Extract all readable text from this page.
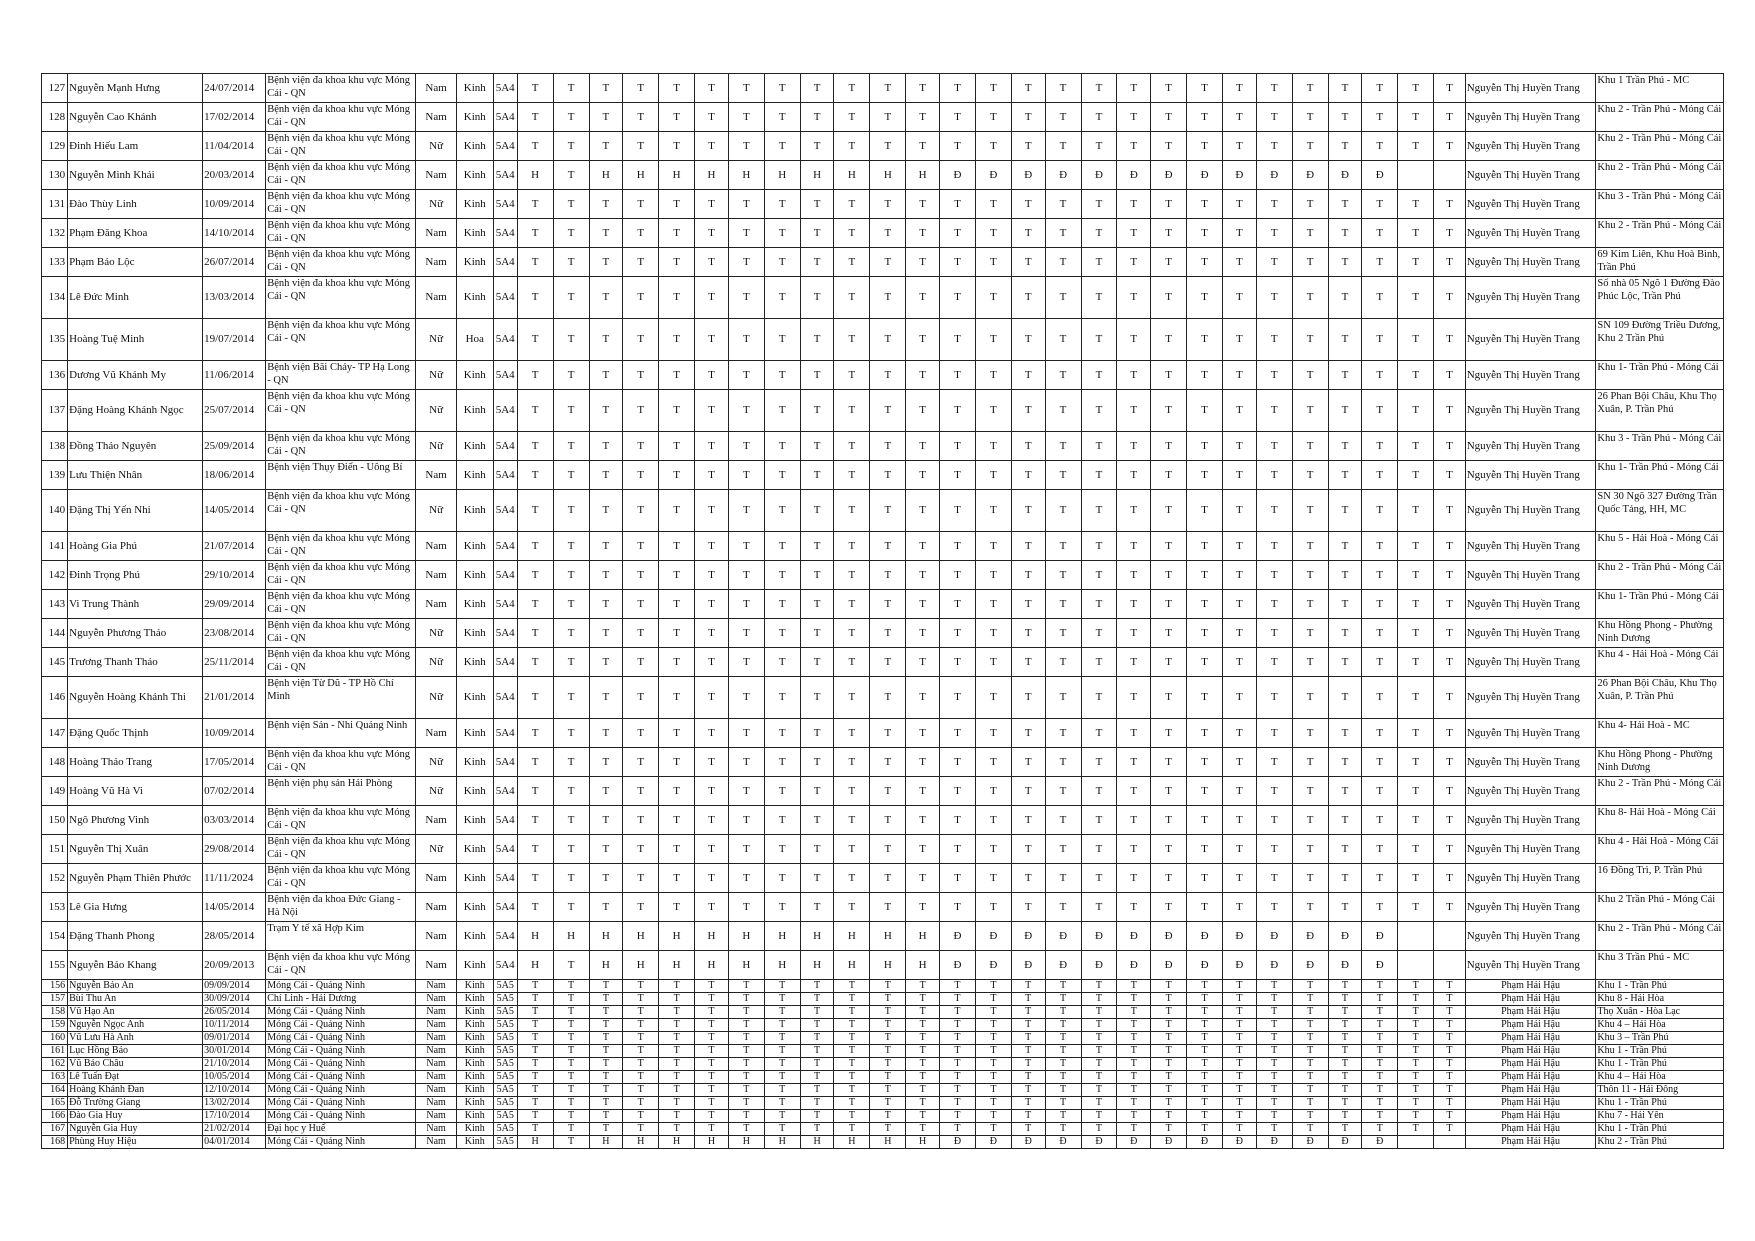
127	Nguyễn Mạnh Hưng	24/07/2014	Bệnh viện đa khoa khu vực Móng Cái - QN	Nam	Kinh	5A4	T	T	T	T	T	T	T	T	T	T	T	T	T	T	T	T	T	T	T	T	T	T	T	T	T	T	T	Nguyễn Thị Huyền Trang	Khu 1 Trần Phú - MC
128	Nguyễn Cao Khánh	17/02/2014	Bệnh viện đa khoa khu vực Móng Cái - QN	Nam	Kinh	5A4	T	T	T	T	T	T	T	T	T	T	T	T	T	T	T	T	T	T	T	T	T	T	T	T	T	T	T	Nguyễn Thị Huyền Trang	Khu 2 - Trần Phú - Móng Cái
129	Đinh Hiếu Lam	11/04/2014	Bệnh viện đa khoa khu vực Móng Cái - QN	Nữ	Kinh	5A4	T	T	T	T	T	T	T	T	T	T	T	T	T	T	T	T	T	T	T	T	T	T	T	T	T	T	T	Nguyễn Thị Huyền Trang	Khu 2 - Trần Phú - Móng Cái
130	Nguyễn Minh Khải	20/03/2014	Bệnh viện đa khoa khu vực Móng Cái - QN	Nam	Kinh	5A4	H	T	H	H	H	H	H	H	H	H	H	H	Đ	Đ	Đ	Đ	Đ	Đ	Đ	Đ	Đ	Đ	Đ	Đ	Đ			Nguyễn Thị Huyền Trang	Khu 2 - Trần Phú - Móng Cái
131	Đào Thùy Linh	10/09/2014	Bệnh viện đa khoa khu vực Móng Cái - QN	Nữ	Kinh	5A4	T	T	T	T	T	T	T	T	T	T	T	T	T	T	T	T	T	T	T	T	T	T	T	T	T	T	T	Nguyễn Thị Huyền Trang	Khu 3 - Trần Phú - Móng Cái
132	Phạm Đăng Khoa	14/10/2014	Bệnh viện đa khoa khu vực Móng Cái - QN	Nam	Kinh	5A4	T	T	T	T	T	T	T	T	T	T	T	T	T	T	T	T	T	T	T	T	T	T	T	T	T	T	T	Nguyễn Thị Huyền Trang	Khu 2 - Trần Phú - Móng Cái
133	Phạm Bảo Lộc	26/07/2014	Bệnh viện đa khoa khu vực Móng Cái - QN	Nam	Kinh	5A4	T	T	T	T	T	T	T	T	T	T	T	T	T	T	T	T	T	T	T	T	T	T	T	T	T	T	T	Nguyễn Thị Huyền Trang	69 Kim Liên, Khu Hoà Bình, Trần Phú
134	Lê Đức Minh	13/03/2014	Bệnh viện đa khoa khu vực Móng Cái - QN	Nam	Kinh	5A4	T	T	T	T	T	T	T	T	T	T	T	T	T	T	T	T	T	T	T	T	T	T	T	T	T	T	T	Nguyễn Thị Huyền Trang	Số nhà 05 Ngõ 1 Đường Đào Phúc Lộc, Trần Phú
135	Hoàng Tuệ Minh	19/07/2014	Bệnh viện đa khoa khu vực Móng Cái - QN	Nữ	Hoa	5A4	T	T	T	T	T	T	T	T	T	T	T	T	T	T	T	T	T	T	T	T	T	T	T	T	T	T	T	Nguyễn Thị Huyền Trang	SN 109 Đường Triều Dương, Khu 2 Trần Phú
136	Dương Vũ Khánh My	11/06/2014	Bệnh viện Bãi Cháy- TP Hạ Long - QN	Nữ	Kinh	5A4	T	T	T	T	T	T	T	T	T	T	T	T	T	T	T	T	T	T	T	T	T	T	T	T	T	T	T	Nguyễn Thị Huyền Trang	Khu 1- Trần Phú - Móng Cái
137	Đặng Hoàng Khánh Ngọc	25/07/2014	Bệnh viện đa khoa khu vực Móng Cái - QN	Nữ	Kinh	5A4	T	T	T	T	T	T	T	T	T	T	T	T	T	T	T	T	T	T	T	T	T	T	T	T	T	T	T	Nguyễn Thị Huyền Trang	26 Phan Bội Châu, Khu Thọ Xuân, P. Trần Phú
138	Đồng Thảo Nguyên	25/09/2014	Bệnh viện đa khoa khu vực Móng Cái - QN	Nữ	Kinh	5A4	T	T	T	T	T	T	T	T	T	T	T	T	T	T	T	T	T	T	T	T	T	T	T	T	T	T	T	Nguyễn Thị Huyền Trang	Khu 3 - Trần Phú - Móng Cái
139	Lưu Thiện Nhân	18/06/2014	Bệnh viện Thụy Điển - Uông Bí	Nam	Kinh	5A4	T	T	T	T	T	T	T	T	T	T	T	T	T	T	T	T	T	T	T	T	T	T	T	T	T	T	T	Nguyễn Thị Huyền Trang	Khu 1- Trần Phú - Móng Cái
140	Đặng Thị Yến Nhi	14/05/2014	Bệnh viện đa khoa khu vực Móng Cái - QN	Nữ	Kinh	5A4	T	T	T	T	T	T	T	T	T	T	T	T	T	T	T	T	T	T	T	T	T	T	T	T	T	T	T	Nguyễn Thị Huyền Trang	SN 30 Ngõ 327 Đường Trần Quốc Tảng, HH, MC
141	Hoàng Gia Phú	21/07/2014	Bệnh viện đa khoa khu vực Móng Cái - QN	Nam	Kinh	5A4	T	T	T	T	T	T	T	T	T	T	T	T	T	T	T	T	T	T	T	T	T	T	T	T	T	T	T	Nguyễn Thị Huyền Trang	Khu 5 - Hải Hoà - Móng Cái
142	Đinh Trọng Phú	29/10/2014	Bệnh viện đa khoa khu vực Móng Cái - QN	Nam	Kinh	5A4	T	T	T	T	T	T	T	T	T	T	T	T	T	T	T	T	T	T	T	T	T	T	T	T	T	T	T	Nguyễn Thị Huyền Trang	Khu 2 - Trần Phú - Móng Cái
143	Vi Trung Thành	29/09/2014	Bệnh viện đa khoa khu vực Móng Cái - QN	Nam	Kinh	5A4	T	T	T	T	T	T	T	T	T	T	T	T	T	T	T	T	T	T	T	T	T	T	T	T	T	T	T	Nguyễn Thị Huyền Trang	Khu 1- Trần Phú - Móng Cái
144	Nguyễn Phương Thảo	23/08/2014	Bệnh viện đa khoa khu vực Móng Cái - QN	Nữ	Kinh	5A4	T	T	T	T	T	T	T	T	T	T	T	T	T	T	T	T	T	T	T	T	T	T	T	T	T	T	T	Nguyễn Thị Huyền Trang	Khu Hồng Phong - Phường Ninh Dương
145	Trương Thanh Thảo	25/11/2014	Bệnh viện đa khoa khu vực Móng Cái - QN	Nữ	Kinh	5A4	T	T	T	T	T	T	T	T	T	T	T	T	T	T	T	T	T	T	T	T	T	T	T	T	T	T	T	Nguyễn Thị Huyền Trang	Khu 4 - Hải Hoà - Móng Cái
146	Nguyễn Hoàng Khánh Thi	21/01/2014	Bệnh viện Từ Dũ - TP Hồ Chí Minh	Nữ	Kinh	5A4	T	T	T	T	T	T	T	T	T	T	T	T	T	T	T	T	T	T	T	T	T	T	T	T	T	T	T	Nguyễn Thị Huyền Trang	26 Phan Bội Châu, Khu Thọ Xuân, P. Trần Phú
147	Đặng Quốc Thịnh	10/09/2014	Bệnh viện Sản - Nhi Quảng Ninh	Nam	Kinh	5A4	T	T	T	T	T	T	T	T	T	T	T	T	T	T	T	T	T	T	T	T	T	T	T	T	T	T	T	Nguyễn Thị Huyền Trang	Khu 4- Hải Hoà - MC
148	Hoàng Thảo Trang	17/05/2014	Bệnh viện đa khoa khu vực Móng Cái - QN	Nữ	Kinh	5A4	T	T	T	T	T	T	T	T	T	T	T	T	T	T	T	T	T	T	T	T	T	T	T	T	T	T	T	Nguyễn Thị Huyền Trang	Khu Hồng Phong - Phường Ninh Dương
149	Hoàng Vũ Hà Vi	07/02/2014	Bệnh viện phụ sản Hải Phòng	Nữ	Kinh	5A4	T	T	T	T	T	T	T	T	T	T	T	T	T	T	T	T	T	T	T	T	T	T	T	T	T	T	T	Nguyễn Thị Huyền Trang	Khu 2 - Trần Phú - Móng Cái
150	Ngô Phương Vinh	03/03/2014	Bệnh viện đa khoa khu vực Móng Cái - QN	Nam	Kinh	5A4	T	T	T	T	T	T	T	T	T	T	T	T	T	T	T	T	T	T	T	T	T	T	T	T	T	T	T	Nguyễn Thị Huyền Trang	Khu 8- Hải Hoà - Móng Cái
151	Nguyễn Thị Xuân	29/08/2014	Bệnh viện đa khoa khu vực Móng Cái - QN	Nữ	Kinh	5A4	T	T	T	T	T	T	T	T	T	T	T	T	T	T	T	T	T	T	T	T	T	T	T	T	T	T	T	Nguyễn Thị Huyền Trang	Khu 4 - Hải Hoà - Móng Cái
152	Nguyễn Phạm Thiên Phước	11/11/2024	Bệnh viện đa khoa khu vực Móng Cái - QN	Nam	Kinh	5A4	T	T	T	T	T	T	T	T	T	T	T	T	T	T	T	T	T	T	T	T	T	T	T	T	T	T	T	Nguyễn Thị Huyền Trang	16 Đồng Trì, P. Trần Phú
153	Lê Gia Hưng	14/05/2014	Bệnh viện đa khoa Đức Giang - Hà Nội	Nam	Kinh	5A4	T	T	T	T	T	T	T	T	T	T	T	T	T	T	T	T	T	T	T	T	T	T	T	T	T	T	T	Nguyễn Thị Huyền Trang	Khu 2 Trần Phú - Móng Cái
154	Đặng Thanh Phong	28/05/2014	Trạm Y tế xã Hợp Kim	Nam	Kinh	5A4	H	H	H	H	H	H	H	H	H	H	H	H	Đ	Đ	Đ	Đ	Đ	Đ	Đ	Đ	Đ	Đ	Đ	Đ	Đ			Nguyễn Thị Huyền Trang	Khu 2 - Trần Phú - Móng Cái
155	Nguyễn Bảo Khang	20/09/2013	Bệnh viện đa khoa khu vực Móng Cái - QN	Nam	Kinh	5A4	H	T	H	H	H	H	H	H	H	H	H	H	Đ	Đ	Đ	Đ	Đ	Đ	Đ	Đ	Đ	Đ	Đ	Đ	Đ			Nguyễn Thị Huyền Trang	Khu 3 Trần Phú - MC
156	Nguyễn Bảo An	09/09/2014	Móng Cái - Quảng Ninh	Nam	Kinh	5A5	T	T	T	T	T	T	T	T	T	T	T	T	T	T	T	T	T	T	T	T	T	T	T	T	T	T	T	Phạm Hải Hậu	Khu 1 - Trần Phú
157	Bùi Thu An	30/09/2014	Chí Linh - Hải Dương	Nam	Kinh	5A5	T	T	T	T	T	T	T	T	T	T	T	T	T	T	T	T	T	T	T	T	T	T	T	T	T	T	T	Phạm Hải Hậu	Khu 8 - Hải Hòa
158	Vũ Hạo An	26/05/2014	Móng Cái - Quảng Ninh	Nam	Kinh	5A5	T	T	T	T	T	T	T	T	T	T	T	T	T	T	T	T	T	T	T	T	T	T	T	T	T	T	T	Phạm Hải Hậu	Thọ Xuân - Hòa Lạc
159	Nguyễn Ngọc Anh	10/11/2014	Móng Cái - Quảng Ninh	Nam	Kinh	5A5	T	T	T	T	T	T	T	T	T	T	T	T	T	T	T	T	T	T	T	T	T	T	T	T	T	T	T	Phạm Hải Hậu	Khu 4 – Hải Hòa
160	Vũ Lưu Hà Anh	09/01/2014	Móng Cái - Quảng Ninh	Nam	Kinh	5A5	T	T	T	T	T	T	T	T	T	T	T	T	T	T	T	T	T	T	T	T	T	T	T	T	T	T	T	Phạm Hải Hậu	Khu 3 – Trần Phú
161	Lục Hồng Bảo	30/01/2014	Móng Cái - Quảng Ninh	Nam	Kinh	5A5	T	T	T	T	T	T	T	T	T	T	T	T	T	T	T	T	T	T	T	T	T	T	T	T	T	T	T	Phạm Hải Hậu	Khu 1 - Trần Phú
162	Vũ Bảo Châu	21/10/2014	Móng Cái - Quảng Ninh	Nam	Kinh	5A5	T	T	T	T	T	T	T	T	T	T	T	T	T	T	T	T	T	T	T	T	T	T	T	T	T	T	T	Phạm Hải Hậu	Khu 1 - Trần Phú
163	Lê Tuấn Đạt	10/05/2014	Móng Cái - Quảng Ninh	Nam	Kinh	5A5	T	T	T	T	T	T	T	T	T	T	T	T	T	T	T	T	T	T	T	T	T	T	T	T	T	T	T	Phạm Hải Hậu	Khu 4 – Hải Hòa
164	Hoàng Khánh Đan	12/10/2014	Móng Cái - Quảng Ninh	Nam	Kinh	5A5	T	T	T	T	T	T	T	T	T	T	T	T	T	T	T	T	T	T	T	T	T	T	T	T	T	T	T	Phạm Hải Hậu	Thôn 11 - Hải Đông
165	Đỗ Trường Giang	13/02/2014	Móng Cái - Quảng Ninh	Nam	Kinh	5A5	T	T	T	T	T	T	T	T	T	T	T	T	T	T	T	T	T	T	T	T	T	T	T	T	T	T	T	Phạm Hải Hậu	Khu 1 - Trần Phú
166	Đào Gia Huy	17/10/2014	Móng Cái - Quảng Ninh	Nam	Kinh	5A5	T	T	T	T	T	T	T	T	T	T	T	T	T	T	T	T	T	T	T	T	T	T	T	T	T	T	T	Phạm Hải Hậu	Khu 7 - Hải Yên
167	Nguyễn Gia Huy	21/02/2014	Đại học y Huế	Nam	Kinh	5A5	T	T	T	T	T	T	T	T	T	T	T	T	T	T	T	T	T	T	T	T	T	T	T	T	T	T	T	Phạm Hải Hậu	Khu 1 - Trần Phú
168	Phùng Huy Hiệu	04/01/2014	Móng Cái - Quảng Ninh	Nam	Kinh	5A5	H	T	H	H	H	H	H	H	H	H	H	H	Đ	Đ	Đ	Đ	Đ	Đ	Đ	Đ	Đ	Đ	Đ	Đ	Đ			Phạm Hải Hậu	Khu 2 - Trần Phú
